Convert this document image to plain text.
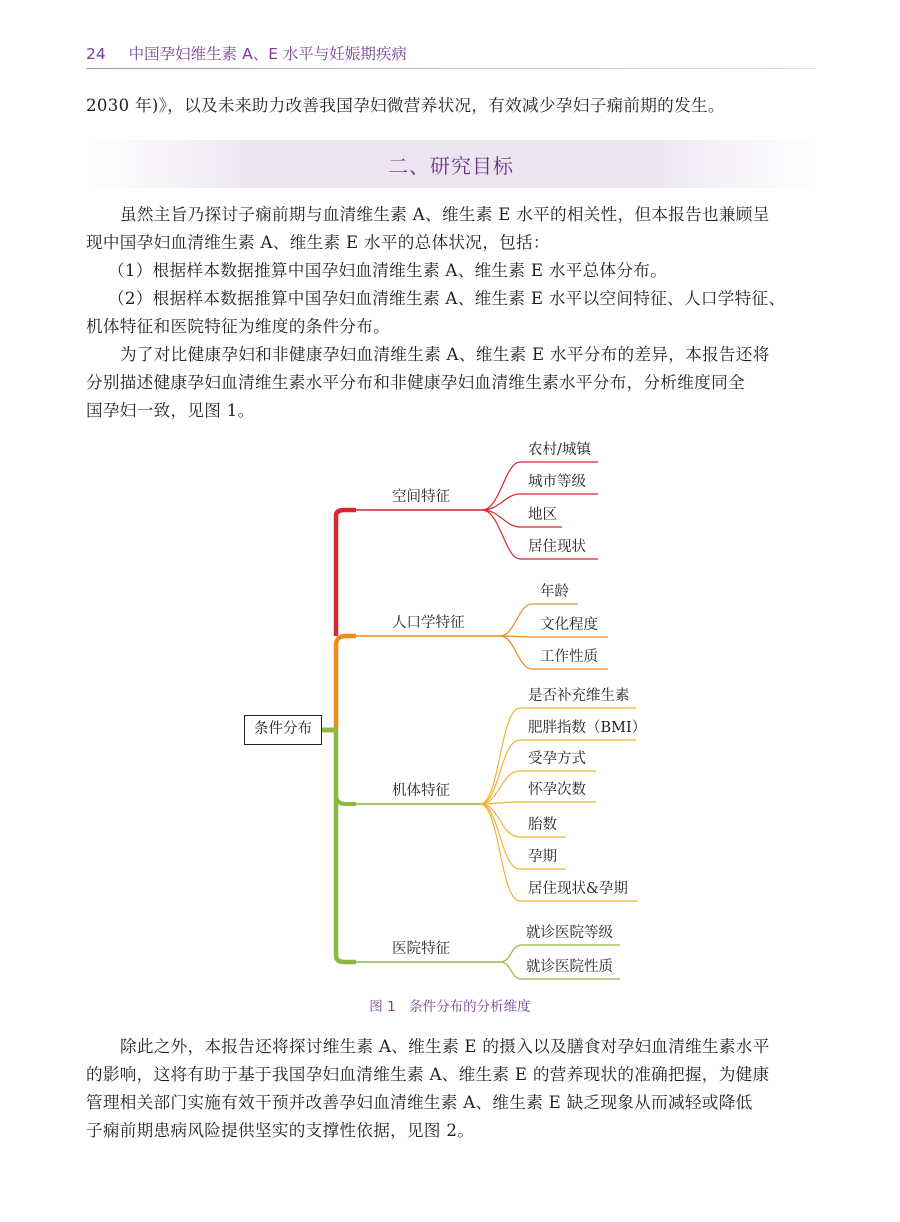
24 中国孕妇维生素 A、E 水平与妊娠期疾病
2030 年)》，以及未来助力改善我国孕妇微营养状况，有效减少孕妇子痫前期的发生。
二、研究目标
虽然主旨乃探讨子痫前期与血清维生素 A、维生素 E 水平的相关性，但本报告也兼顾呈
现中国孕妇血清维生素 A、维生素 E 水平的总体状况，包括：
（1）根据样本数据推算中国孕妇血清维生素 A、维生素 E 水平总体分布。
（2）根据样本数据推算中国孕妇血清维生素 A、维生素 E 水平以空间特征、人口学特征、
机体特征和医院特征为维度的条件分布。
为了对比健康孕妇和非健康孕妇血清维生素 A、维生素 E 水平分布的差异，本报告还将
分别描述健康孕妇血清维生素水平分布和非健康孕妇血清维生素水平分布，分析维度同全
国孕妇一致，见图 1。
条件分布
空间特征
人口学特征
机体特征
医院特征
农村/城镇
城市等级
地区
居住现状
年龄
文化程度
工作性质
是否补充维生素
肥胖指数（BMI）
受孕方式
怀孕次数
胎数
孕期
居住现状&孕期
就诊医院等级
就诊医院性质
图 1　条件分布的分析维度
除此之外，本报告还将探讨维生素 A、维生素 E 的摄入以及膳食对孕妇血清维生素水平
的影响，这将有助于基于我国孕妇血清维生素 A、维生素 E 的营养现状的准确把握，为健康
管理相关部门实施有效干预并改善孕妇血清维生素 A、维生素 E 缺乏现象从而减轻或降低
子痫前期患病风险提供坚实的支撑性依据，见图 2。
